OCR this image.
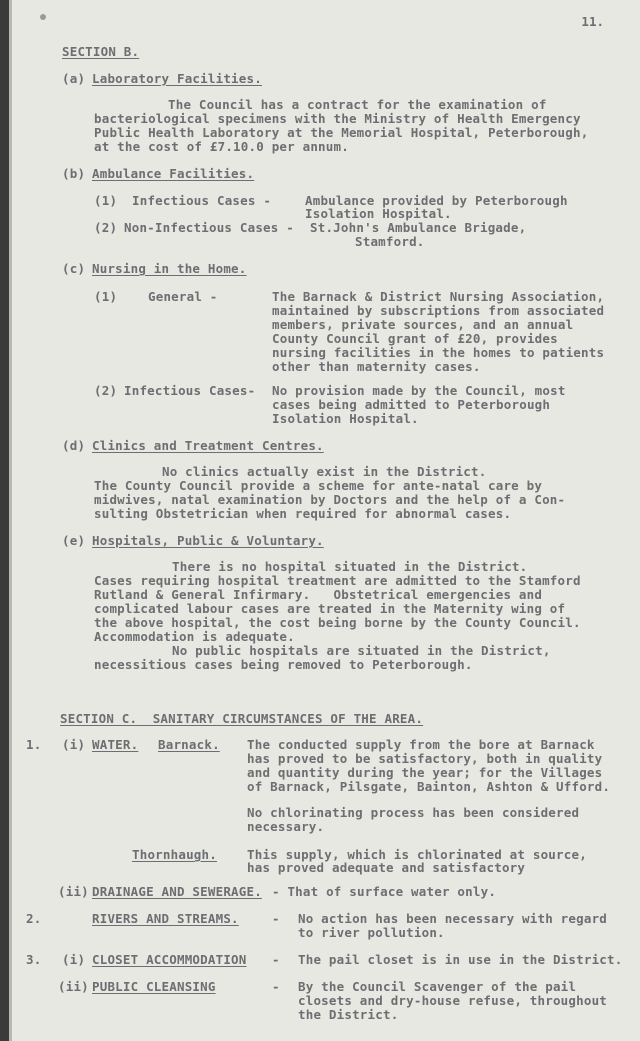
11.
SECTION B.
(a) Laboratory Facilities.
The Council has a contract for the examination of
bacteriological specimens with the Ministry of Health Emergency
Public Health Laboratory at the Memorial Hospital, Peterborough,
at the cost of £7.10.0 per annum.
(b) Ambulance Facilities.
(1) Infectious Cases -	Ambulance provided by Peterborough
Isolation Hospital.
(2) Non-Infectious Cases - St.John's Ambulance Brigade,
Stamford.
(c) Nursing in the Home.
(1) General -	The Barnack & District Nursing Association,
maintained by subscriptions from associated
members, private sources, and an annual
County Council grant of £20, provides
nursing facilities in the homes to patients
other than maternity cases.
(2) Infectious Cases- No provision made by the Council, most
cases being admitted to Peterborough
Isolation Hospital.
(d) Clinics and Treatment Centres.
No clinics actually exist in the District.
The County Council provide a scheme for ante-natal care by
midwives, natal examination by Doctors and the help of a Con-
sulting Obstetrician when required for abnormal cases.
(e) Hospitals, Public & Voluntary.
There is no hospital situated in the District.
Cases requiring hospital treatment are admitted to the Stamford
Rutland & General Infirmary.   Obstetrical emergencies and
complicated labour cases are treated in the Maternity wing of
the above hospital, the cost being borne by the County Council.
Accommodation is adequate.
No public hospitals are situated in the District,
necessitious cases being removed to Peterborough.
SECTION C.  SANITARY CIRCUMSTANCES OF THE AREA.
1. (i) WATER. Barnack. The conducted supply from the bore at Barnack
has proved to be satisfactory, both in quality
and quantity during the year; for the Villages
of Barnack, Pilsgate, Bainton, Ashton & Ufford.
No chlorinating process has been considered
necessary.
Thornhaugh. This supply, which is chlorinated at source,
has proved adequate and satisfactory
(ii) DRAINAGE AND SEWERAGE. - That of surface water only.
2.	RIVERS AND STREAMS.	- No action has been necessary with regard
to river pollution.
3. (i) CLOSET ACCOMMODATION - The pail closet is in use in the District.
(ii) PUBLIC CLEANSING	- By the Council Scavenger of the pail
closets and dry-house refuse, throughout
the District.
